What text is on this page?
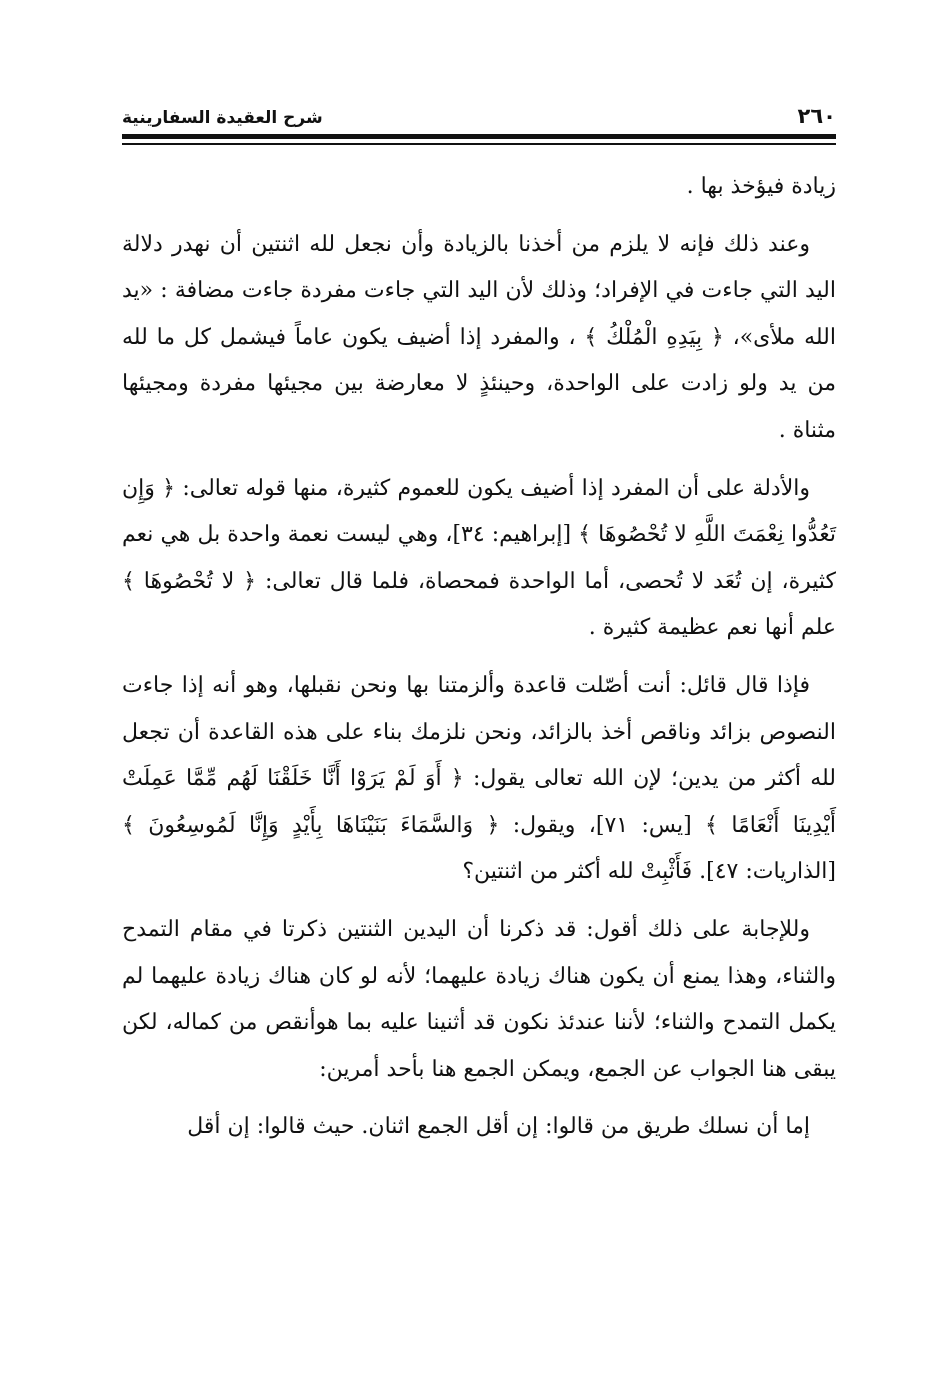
٢٦٠
شرح العقيدة السفارينية

زيادة فيؤخذ بها .

وعند ذلك فإنه لا يلزم من أخذنا بالزيادة وأن نجعل لله اثنتين أن نهدر دلالة اليد التي جاءت في الإفراد؛ وذلك لأن اليد التي جاءت مفردة جاءت مضافة : «يد الله ملأى»، ﴿ بِيَدِهِ الْمُلْكُ ﴾ ، والمفرد إذا أضيف يكون عاماً فيشمل كل ما لله من يد ولو زادت على الواحدة، وحينئذٍ لا معارضة بين مجيئها مفردة ومجيئها مثناة .

والأدلة على أن المفرد إذا أضيف يكون للعموم كثيرة، منها قوله تعالى: ﴿ وَإِن تَعُدُّوا نِعْمَتَ اللَّهِ لا تُحْصُوهَا ﴾ [إبراهيم: ٣٤]، وهي ليست نعمة واحدة بل هي نعم كثيرة، إن تُعَد لا تُحصى، أما الواحدة فمحصاة، فلما قال تعالى: ﴿ لا تُحْصُوهَا ﴾ علم أنها نعم عظيمة كثيرة .

فإذا قال قائل: أنت أصّلت قاعدة وألزمتنا بها ونحن نقبلها، وهو أنه إذا جاءت النصوص بزائد وناقص أخذ بالزائد، ونحن نلزمك بناء على هذه القاعدة أن تجعل لله أكثر من يدين؛ لإن الله تعالى يقول: ﴿ أَوَ لَمْ يَرَوْا أَنَّا خَلَقْنَا لَهُم مِّمَّا عَمِلَتْ أَيْدِينَا أَنْعَامًا ﴾ [يس: ٧١]، ويقول: ﴿ وَالسَّمَاءَ بَنَيْنَاهَا بِأَيْدٍ وَإِنَّا لَمُوسِعُونَ ﴾ [الذاريات: ٤٧]. فَأَثْبِتْ لله أكثر من اثنتين؟

وللإجابة على ذلك أقول: قد ذكرنا أن اليدين الثنتين ذكرتا في مقام التمدح والثناء، وهذا يمنع أن يكون هناك زيادة عليهما؛ لأنه لو كان هناك زيادة عليهما لم يكمل التمدح والثناء؛ لأننا عندئذ نكون قد أثنينا عليه بما هوأنقص من كماله، لكن يبقى هنا الجواب عن الجمع، ويمكن الجمع هنا بأحد أمرين:

إما أن نسلك طريق من قالوا: إن أقل الجمع اثنان. حيث قالوا: إن أقل
